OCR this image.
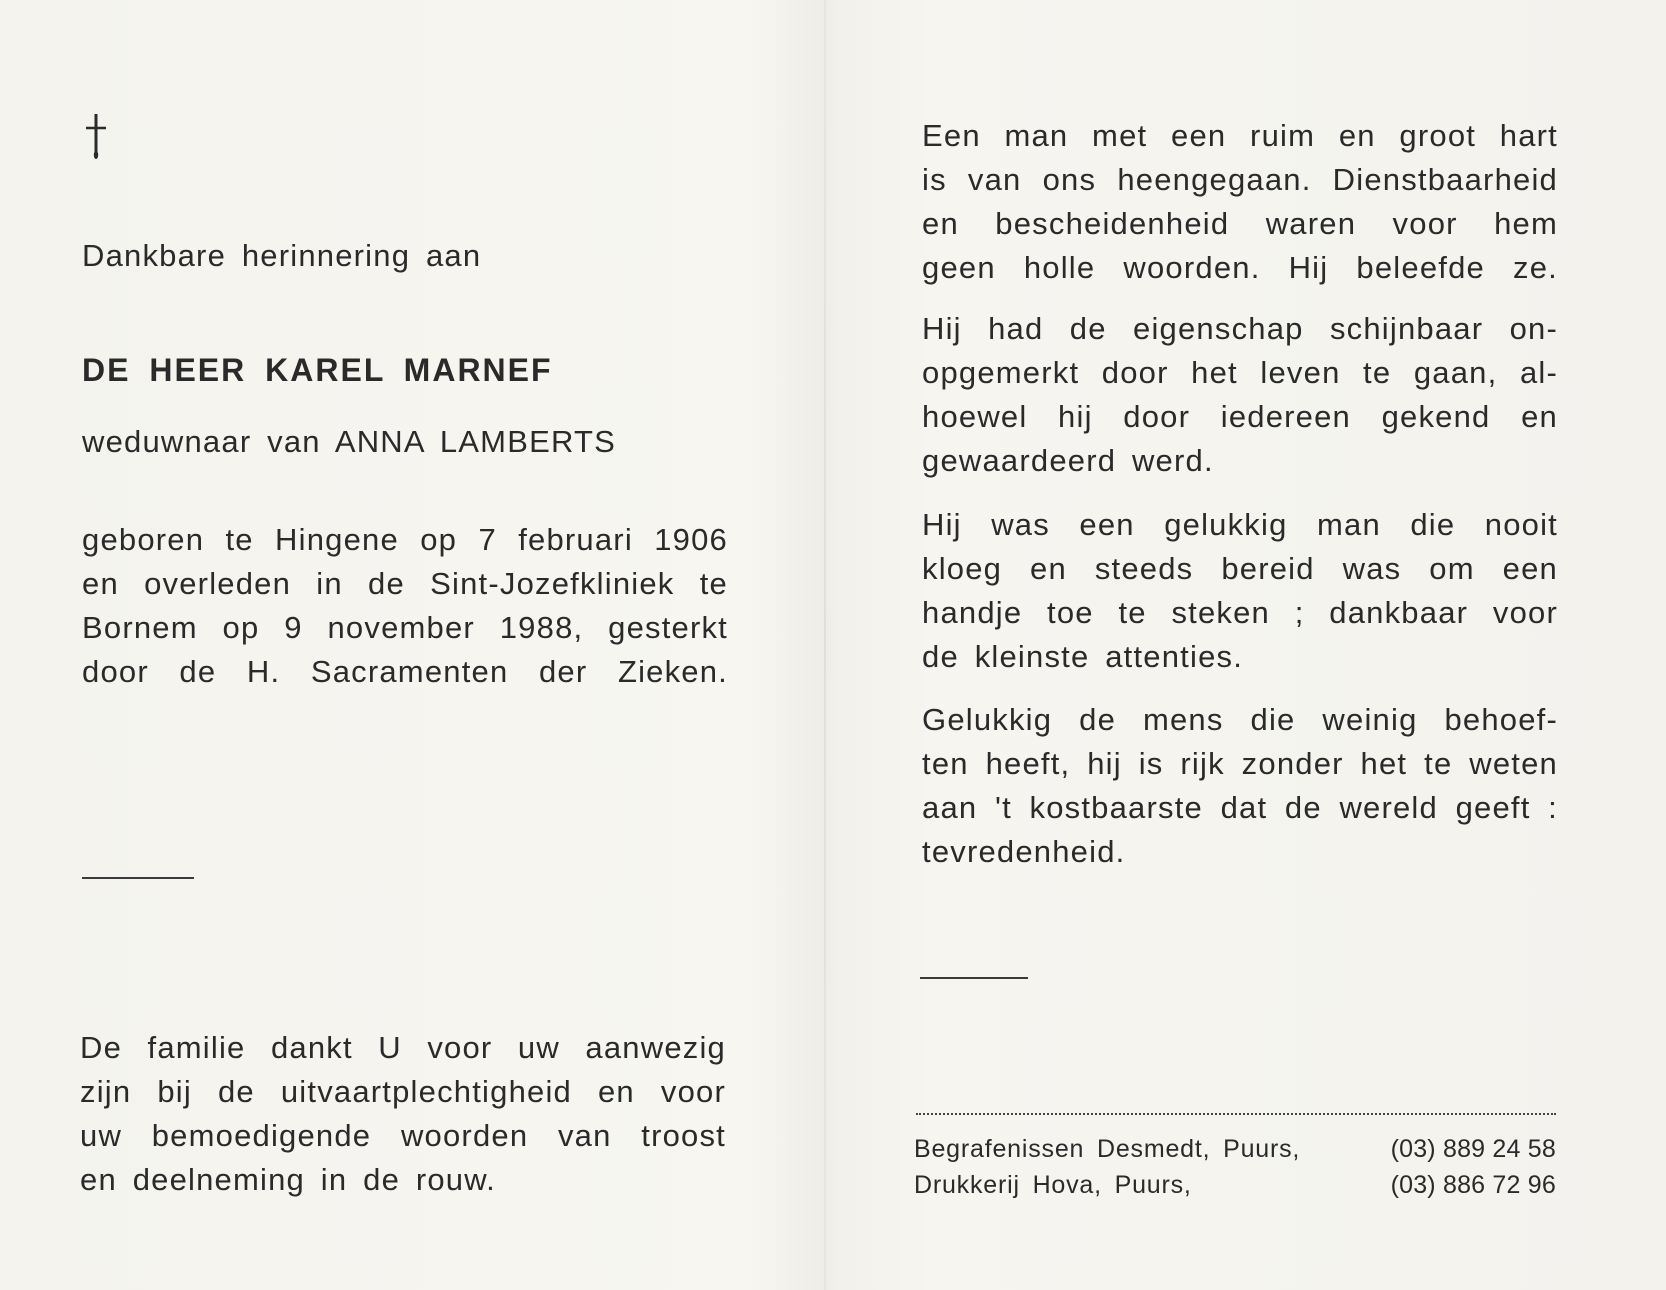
Dankbare herinnering aan
DE HEER KAREL MARNEF
weduwnaar van ANNA LAMBERTS
geboren te Hingene op 7 februari 1906
en overleden in de Sint-Jozefkliniek te
Bornem op 9 november 1988, gesterkt
door de H. Sacramenten der Zieken.
De familie dankt U voor uw aanwezig
zijn bij de uitvaartplechtigheid en voor
uw bemoedigende woorden van troost
en deelneming in de rouw.
Een man met een ruim en groot hart
is van ons heengegaan. Dienstbaarheid
en bescheidenheid waren voor hem
geen holle woorden. Hij beleefde ze.
Hij had de eigenschap schijnbaar on-
opgemerkt door het leven te gaan, al-
hoewel hij door iedereen gekend en
gewaardeerd werd.
Hij was een gelukkig man die nooit
kloeg en steeds bereid was om een
handje toe te steken ; dankbaar voor
de kleinste attenties.
Gelukkig de mens die weinig behoef-
ten heeft, hij is rijk zonder het te weten
aan 't kostbaarste dat de wereld geeft :
tevredenheid.
Begrafenissen Desmedt, Puurs,	(03) 889 24 58
Drukkerij Hova, Puurs,	(03) 886 72 96
